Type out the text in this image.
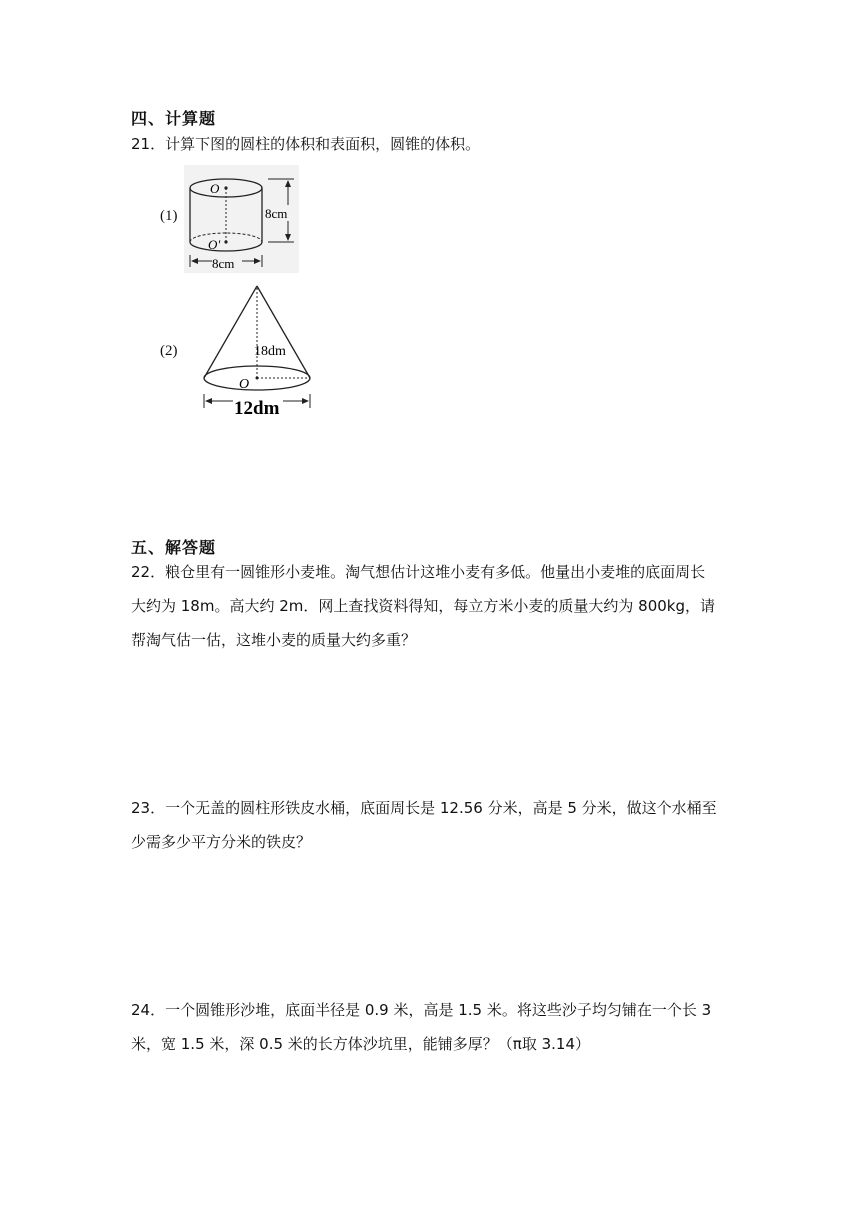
四、计算题
21．计算下图的圆柱的体积和表面积，圆锥的体积。
(1)
O
O'
8cm
8cm
(2)	18dm
O
12dm
五、解答题
22．粮仓里有一圆锥形小麦堆。淘气想估计这堆小麦有多低。他量出小麦堆的底面周长
大约为 18m。高大约 2m．网上查找资料得知，每立方米小麦的质量大约为 800kg，请
帮淘气估一估，这堆小麦的质量大约多重？
23．一个无盖的圆柱形铁皮水桶，底面周长是 12.56 分米，高是 5 分米，做这个水桶至
少需多少平方分米的铁皮？
24．一个圆锥形沙堆，底面半径是 0.9 米，高是 1.5 米。将这些沙子均匀铺在一个长 3
米，宽 1.5 米，深 0.5 米的长方体沙坑里，能铺多厚？（π取 3.14）
